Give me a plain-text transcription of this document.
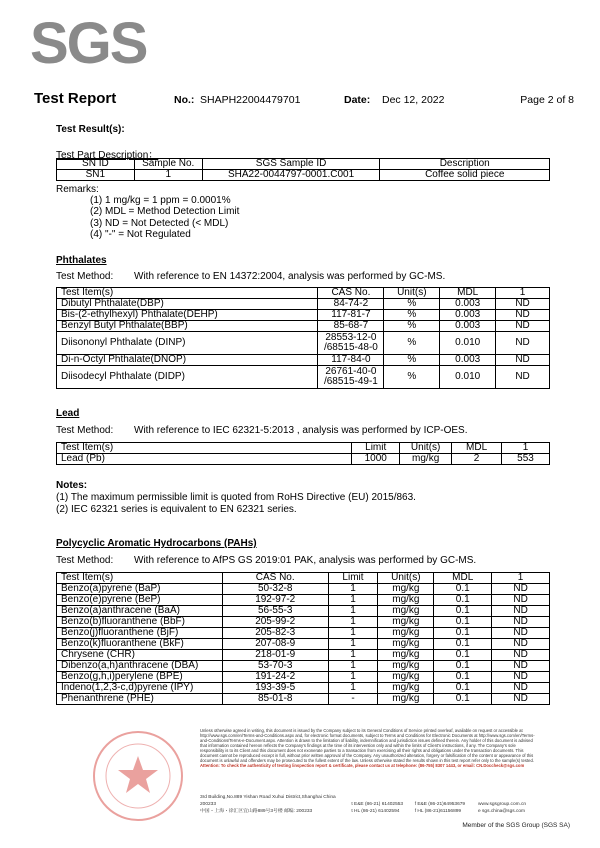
SGS
Test Report	No.: SHAPH22004479701	Date: Dec 12, 2022	Page 2 of 8
Test Result(s):
Test Part Description：
SN ID	Sample No.	SGS Sample ID	Description
SN1	1	SHA22-0044797-0001.C001	Coffee solid piece
Remarks:
(1) 1 mg/kg = 1 ppm = 0.0001%
(2) MDL = Method Detection Limit
(3) ND = Not Detected (< MDL)
(4) "-" = Not Regulated
Phthalates
Test Method: With reference to EN 14372:2004, analysis was performed by GC-MS.
Test Item(s)	CAS No.	Unit(s)	MDL	1
Dibutyl Phthalate(DBP)	84-74-2	%	0.003	ND
Bis-(2-ethylhexyl) Phthalate(DEHP)	117-81-7	%	0.003	ND
Benzyl Butyl Phthalate(BBP)	85-68-7	%	0.003	ND
Diisononyl Phthalate (DINP)	28553-12-0
/68515-48-0	%	0.010	ND
Di-n-Octyl Phthalate(DNOP)	117-84-0	%	0.003	ND
Diisodecyl Phthalate (DIDP)	26761-40-0
/68515-49-1	%	0.010	ND
Lead
Test Method: With reference to IEC 62321-5:2013 , analysis was performed by ICP-OES.
Test Item(s)	Limit	Unit(s)	MDL	1
Lead (Pb)	1000	mg/kg	2	553
Notes:
(1) The maximum permissible limit is quoted from RoHS Directive (EU) 2015/863.
(2) IEC 62321 series is equivalent to EN 62321 series.
Polycyclic Aromatic Hydrocarbons (PAHs)
Test Method: With reference to AfPS GS 2019:01 PAK, analysis was performed by GC-MS.
Test Item(s)	CAS No.	Limit	Unit(s)	MDL	1
Benzo(a)pyrene (BaP)	50-32-8	1	mg/kg	0.1	ND
Benzo(e)pyrene (BeP)	192-97-2	1	mg/kg	0.1	ND
Benzo(a)anthracene (BaA)	56-55-3	1	mg/kg	0.1	ND
Benzo(b)fluoranthene (BbF)	205-99-2	1	mg/kg	0.1	ND
Benzo(j)fluoranthene (BjF)	205-82-3	1	mg/kg	0.1	ND
Benzo(k)fluoranthene (BkF)	207-08-9	1	mg/kg	0.1	ND
Chrysene (CHR)	218-01-9	1	mg/kg	0.1	ND
Dibenzo(a,h)anthracene (DBA)	53-70-3	1	mg/kg	0.1	ND
Benzo(g,h,i)perylene (BPE)	191-24-2	1	mg/kg	0.1	ND
Indeno(1,2,3-c,d)pyrene (IPY)	193-39-5	1	mg/kg	0.1	ND
Phenanthrene (PHE)	85-01-8	-	mg/kg	0.1	ND
Unless otherwise agreed in writing, this document is issued by the Company subject to its General Conditions of Service printed overleaf, available on request or accessible at http://www.sgs.com/en/Terms-and-Conditions.aspx and, for electronic format documents, subject to Terms and Conditions for Electronic Documents at http://www.sgs.com/en/Terms-and-Conditions/Terms-e-Document.aspx. Attention is drawn to the limitation of liability, indemnification and jurisdiction issues defined therein. Any holder of this document is advised that information contained hereon reflects the Company's findings at the time of its intervention only and within the limits of Client's instructions, if any. The Company's sole responsibility is to its Client and this document does not exonerate parties to a transaction from exercising all their rights and obligations under the transaction documents. This document cannot be reproduced except in full, without prior written approval of the Company. Any unauthorized alteration, forgery or falsification of the content or appearance of this document is unlawful and offenders may be prosecuted to the fullest extent of the law. Unless otherwise stated the results shown in this test report refer only to the sample(s) tested.
Attention: To check the authenticity of testing /inspection report & certificate, please contact us at telephone: (86-755) 8307 1443, or email: CN.Doccheck@sgs.com
3rd Building,No.889 Yishan Road Xuhui District,Shanghai China 200233	t E&E (86-21) 61402553 f E&E (86-21)64953679	www.sgsgroup.com.cn
中国・上海・徐汇区宜山路889号3号楼 邮编: 200233	t HL (86-21) 61402594	f HL (86-21)61156899	e sgs.china@sgs.com
Member of the SGS Group (SGS SA)
